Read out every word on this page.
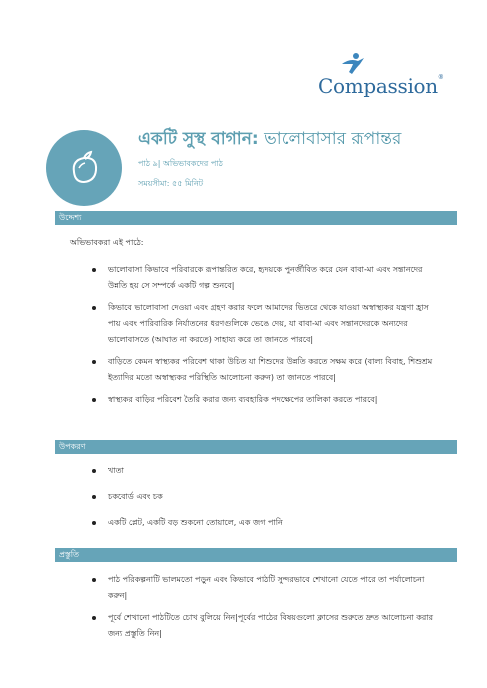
Compassion®
একটি সুস্থ বাগান: ভালোবাসার রূপান্তর
পাঠ ৯| অভিভাবকদের পাঠ
সময়সীমা: ৫৫ মিনিট
উদ্দেশ্য
অভিভাবকরা এই পাঠে:
ভালোবাসা কিভাবে পরিবারকে রূপান্তরিত করে, হৃদয়কে পুনর্জীবিত করে যেন বাবা-মা এবং সন্তানদের উন্নতি হয় সে সম্পর্কে একটি গল্প শুনবে|
কিভাবে ভালোবাসা দেওয়া এবং গ্রহণ করার ফলে আমাদের ভিতরে থেকে যাওয়া অস্বাস্থ্যকর যন্ত্রণা হ্রাস পায় এবং পারিবারিক নির্যাতনের ধরণগুলিকে ভেঙে দেয়, যা বাবা-মা এবং সন্তানদেরকে অন্যদের ভালোবাসতে (আঘাত না করতে) সাহায্য করে তা জানতে পারবে|
বাড়িতে কেমন স্বাস্থ্যকর পরিবেশ থাকা উচিত যা শিশুদের উন্নতি করতে সক্ষম করে (বাল্য বিবাহ, শিশুশ্রম ইত্যাদির মতো অস্বাস্থ্যকর পরিস্থিতি আলোচনা করুন) তা জানতে পারবে|
স্বাস্থ্যকর বাড়ির পরিবেশ তৈরি করার জন্য ব্যবহারিক পদক্ষেপের তালিকা করতে পারবে|
উপকরণ
খাতা
চকবোর্ড এবং চক
একটি প্লেট, একটি বড় শুকনো তোয়ালে, এক জগ পানি
প্রস্তুতি
পাঠ পরিকল্পনাটি ভালমতো পড়ুন এবং কিভাবে পাঠটি সুন্দরভাবে শেখানো যেতে পারে তা পর্যালোচনা করুন|
পূর্বে শেখানো পাঠটিতে চোখ বুলিয়ে নিন|পূর্বের পাঠের বিষয়গুলো ক্লাসের শুরুতে দ্রুত আলোচনা করার জন্য প্রস্তুতি নিন|
